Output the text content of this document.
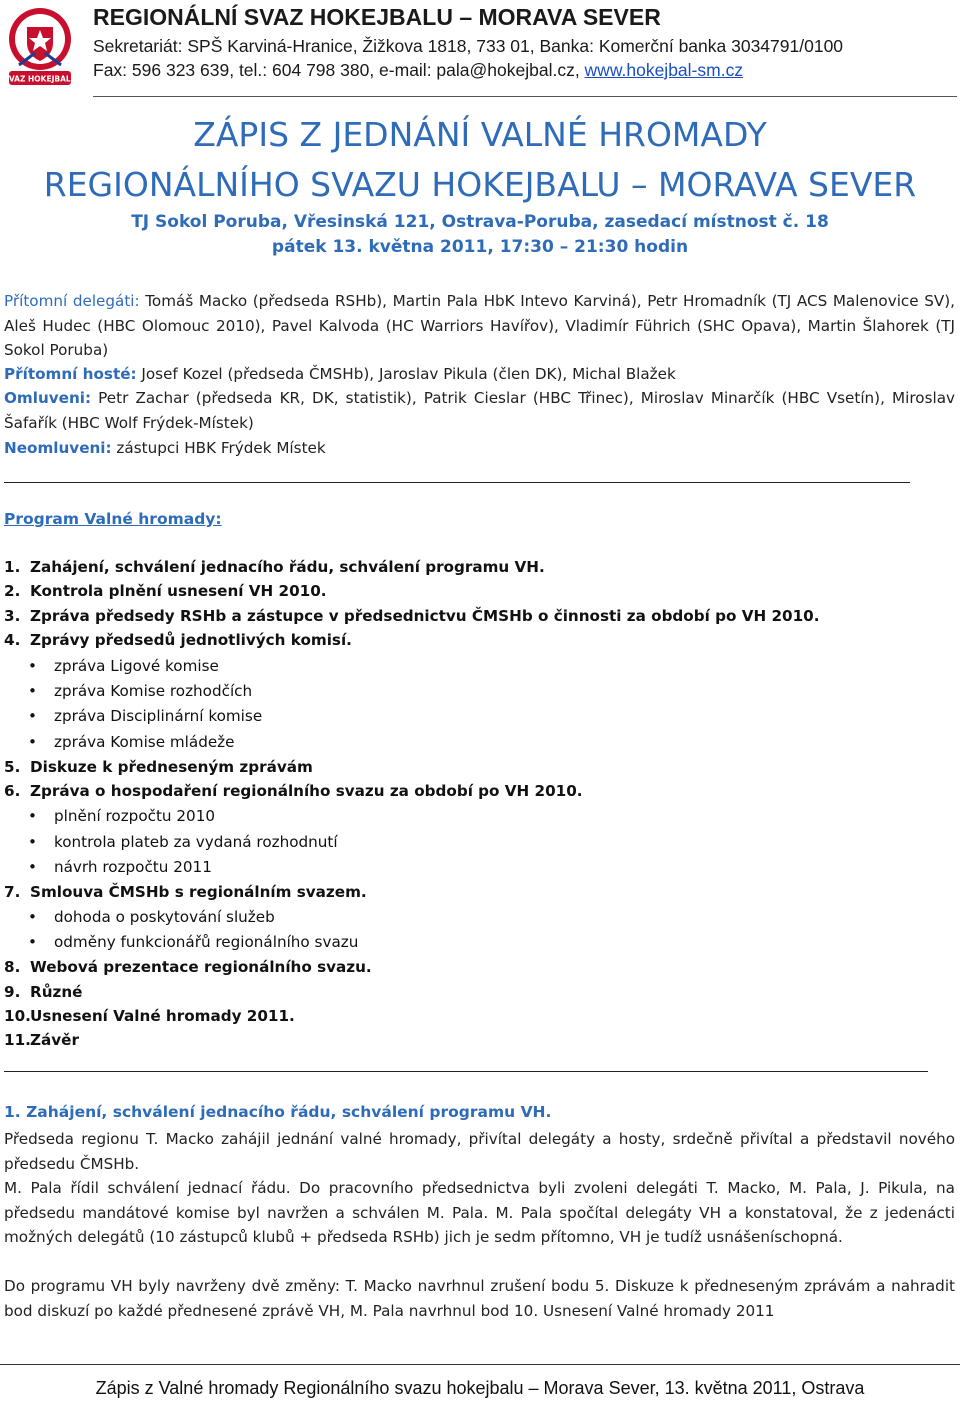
SVAZ HOKEJBALU
REGIONÁLNÍ SVAZ HOKEJBALU – MORAVA SEVER
Sekretariát: SPŠ Karviná-Hranice, Žižkova 1818, 733 01, Banka: Komerční banka 3034791/0100
Fax: 596 323 639, tel.: 604 798 380, e-mail: pala@hokejbal.cz, www.hokejbal-sm.cz
ZÁPIS Z JEDNÁNÍ VALNÉ HROMADY
REGIONÁLNÍHO SVAZU HOKEJBALU – MORAVA SEVER
TJ Sokol Poruba, Vřesinská 121, Ostrava-Poruba, zasedací místnost č. 18
pátek 13. května 2011, 17:30 – 21:30 hodin
Přítomní delegáti: Tomáš Macko (předseda RSHb), Martin Pala HbK Intevo Karviná), Petr Hromadník (TJ ACS Malenovice SV), Aleš Hudec (HBC Olomouc 2010), Pavel Kalvoda (HC Warriors Havířov), Vladimír Führich (SHC Opava), Martin Šlahorek (TJ Sokol Poruba)
Přítomní hosté: Josef Kozel (předseda ČMSHb), Jaroslav Pikula (člen DK), Michal Blažek
Omluveni: Petr Zachar (předseda KR, DK, statistik), Patrik Cieslar (HBC Třinec), Miroslav Minarčík (HBC Vsetín), Miroslav Šafařík (HBC Wolf Frýdek-Místek)
Neomluveni: zástupci HBK Frýdek Místek
Program Valné hromady:
1. Zahájení, schválení jednacího řádu, schválení programu VH.
2. Kontrola plnění usnesení VH 2010.
3. Zpráva předsedy RSHb a zástupce v předsednictvu ČMSHb o činnosti za období po VH 2010.
4. Zprávy předsedů jednotlivých komisí.
• zpráva Ligové komise
• zpráva Komise rozhodčích
• zpráva Disciplinární komise
• zpráva Komise mládeže
5. Diskuze k předneseným zprávám
6. Zpráva o hospodaření regionálního svazu za období po VH 2010.
• plnění rozpočtu 2010
• kontrola plateb za vydaná rozhodnutí
• návrh rozpočtu 2011
7. Smlouva ČMSHb s regionálním svazem.
• dohoda o poskytování služeb
• odměny funkcionářů regionálního svazu
8. Webová prezentace regionálního svazu.
9. Různé
10.Usnesení Valné hromady 2011.
11.Závěr
1. Zahájení, schválení jednacího řádu, schválení programu VH.
Předseda regionu T. Macko zahájil jednání valné hromady, přivítal delegáty a hosty, srdečně přivítal a představil nového předsedu ČMSHb.
M. Pala řídil schválení jednací řádu. Do pracovního předsednictva byli zvoleni delegáti T. Macko, M. Pala, J. Pikula, na předsedu mandátové komise byl navržen a schválen M. Pala. M. Pala spočítal delegáty VH a konstatoval, že z jedenácti možných delegátů (10 zástupců klubů + předseda RSHb) jich je sedm přítomno, VH je tudíž usnášeníschopná.
Do programu VH byly navrženy dvě změny: T. Macko navrhnul zrušení bodu 5. Diskuze k předneseným zprávám a nahradit bod diskuzí po každé přednesené zprávě VH, M. Pala navrhnul bod 10. Usnesení Valné hromady 2011
Zápis z Valné hromady Regionálního svazu hokejbalu – Morava Sever, 13. května 2011, Ostrava
